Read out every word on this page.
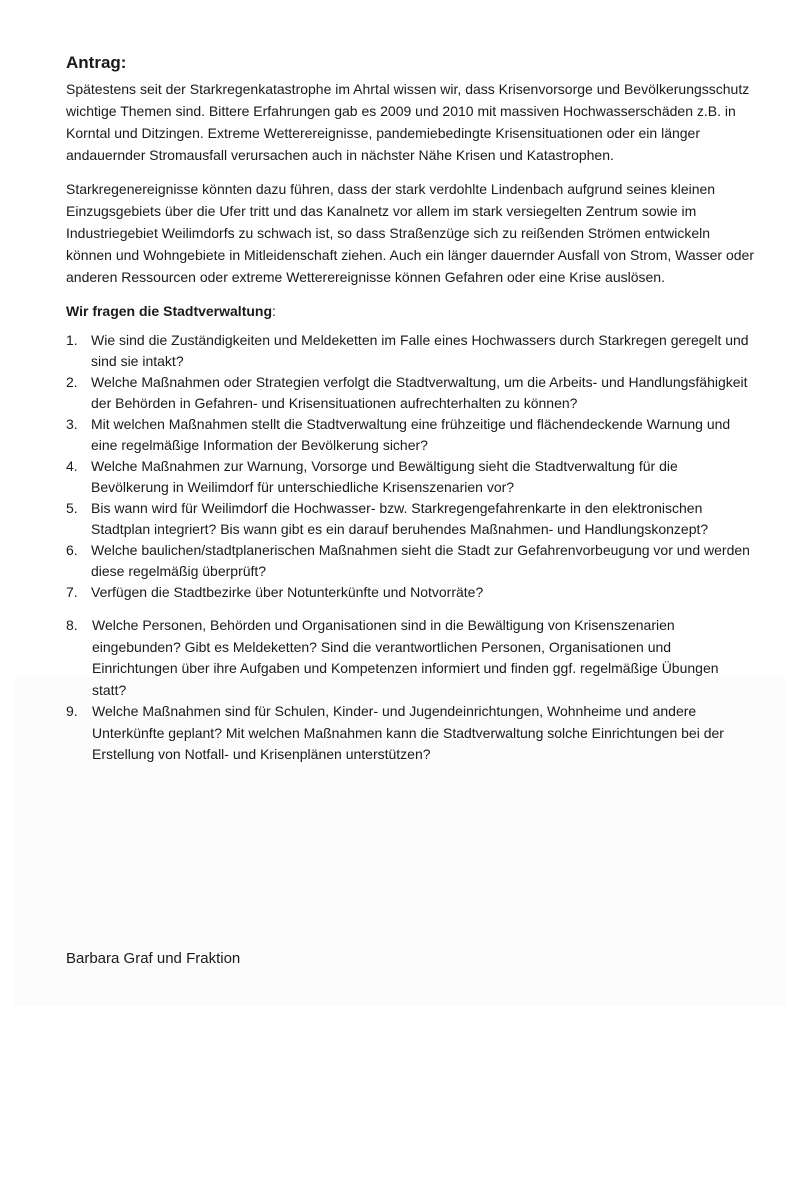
Antrag:

Spätestens seit der Starkregenkatastrophe im Ahrtal wissen wir, dass Krisenvorsorge und Bevölkerungsschutz wichtige Themen sind. Bittere Erfahrungen gab es 2009 und 2010 mit massiven Hochwasserschäden z.B. in Korntal und Ditzingen. Extreme Wetterereignisse, pandemiebedingte Krisensituationen oder ein länger andauernder Stromausfall verursachen auch in nächster Nähe Krisen und Katastrophen.

Starkregenereignisse könnten dazu führen, dass der stark verdohlte Lindenbach aufgrund seines kleinen Einzugsgebiets über die Ufer tritt und das Kanalnetz vor allem im stark versiegelten Zentrum sowie im Industriegebiet Weilimdorfs zu schwach ist, so dass Straßenzüge sich zu reißenden Strömen entwickeln können und Wohngebiete in Mitleidenschaft ziehen. Auch ein länger dauernder Ausfall von Strom, Wasser oder anderen Ressourcen oder extreme Wetterereignisse können Gefahren oder eine Krise auslösen.

Wir fragen die Stadtverwaltung:

1. Wie sind die Zuständigkeiten und Meldeketten im Falle eines Hochwassers durch Starkregen geregelt und sind sie intakt?
2. Welche Maßnahmen oder Strategien verfolgt die Stadtverwaltung, um die Arbeits- und Handlungsfähigkeit der Behörden in Gefahren- und Krisensituationen aufrechterhalten zu können?
3. Mit welchen Maßnahmen stellt die Stadtverwaltung eine frühzeitige und flächendeckende Warnung und eine regelmäßige Information der Bevölkerung sicher?
4. Welche Maßnahmen zur Warnung, Vorsorge und Bewältigung sieht die Stadtverwaltung für die Bevölkerung in Weilimdorf für unterschiedliche Krisenszenarien vor?
5. Bis wann wird für Weilimdorf die Hochwasser- bzw. Starkregengefahrenkarte in den elektronischen Stadtplan integriert? Bis wann gibt es ein darauf beruhendes Maßnahmen- und Handlungskonzept?
6. Welche baulichen/stadtplanerischen Maßnahmen sieht die Stadt zur Gefahrenvorbeugung vor und werden diese regelmäßig überprüft?
7. Verfügen die Stadtbezirke über Notunterkünfte und Notvorräte?
8. Welche Personen, Behörden und Organisationen sind in die Bewältigung von Krisenszenarien eingebunden? Gibt es Meldeketten? Sind die verantwortlichen Personen, Organisationen und Einrichtungen über ihre Aufgaben und Kompetenzen informiert und finden ggf. regelmäßige Übungen statt?
9. Welche Maßnahmen sind für Schulen, Kinder- und Jugendeinrichtungen, Wohnheime und andere Unterkünfte geplant? Mit welchen Maßnahmen kann die Stadtverwaltung solche Einrichtungen bei der Erstellung von Notfall- und Krisenplänen unterstützen?
Barbara Graf und Fraktion
